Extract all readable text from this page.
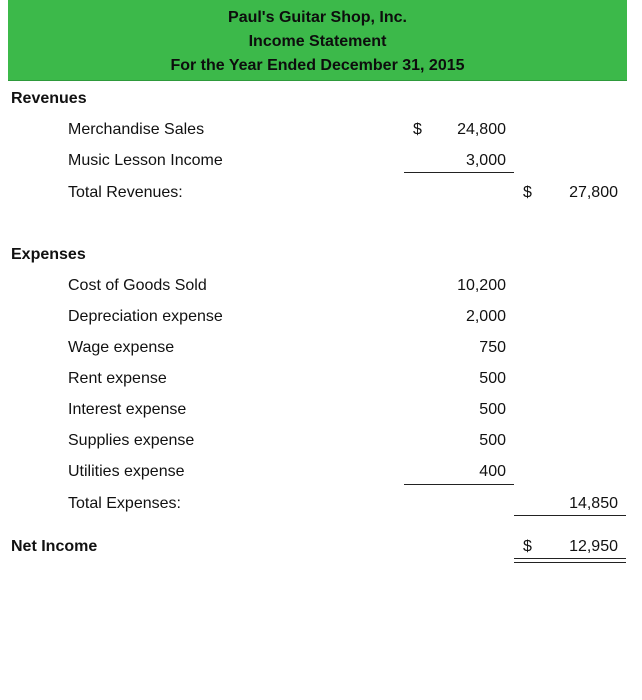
Paul's Guitar Shop, Inc.
Income Statement
For the Year Ended December 31, 2015
Revenues
Merchandise Sales	$	24,800
Music Lesson Income	3,000
Total Revenues:	$	27,800
Expenses
Cost of Goods Sold	10,200
Depreciation expense	2,000
Wage expense	750
Rent expense	500
Interest expense	500
Supplies expense	500
Utilities expense	400
Total Expenses:	14,850
Net Income	$	12,950
